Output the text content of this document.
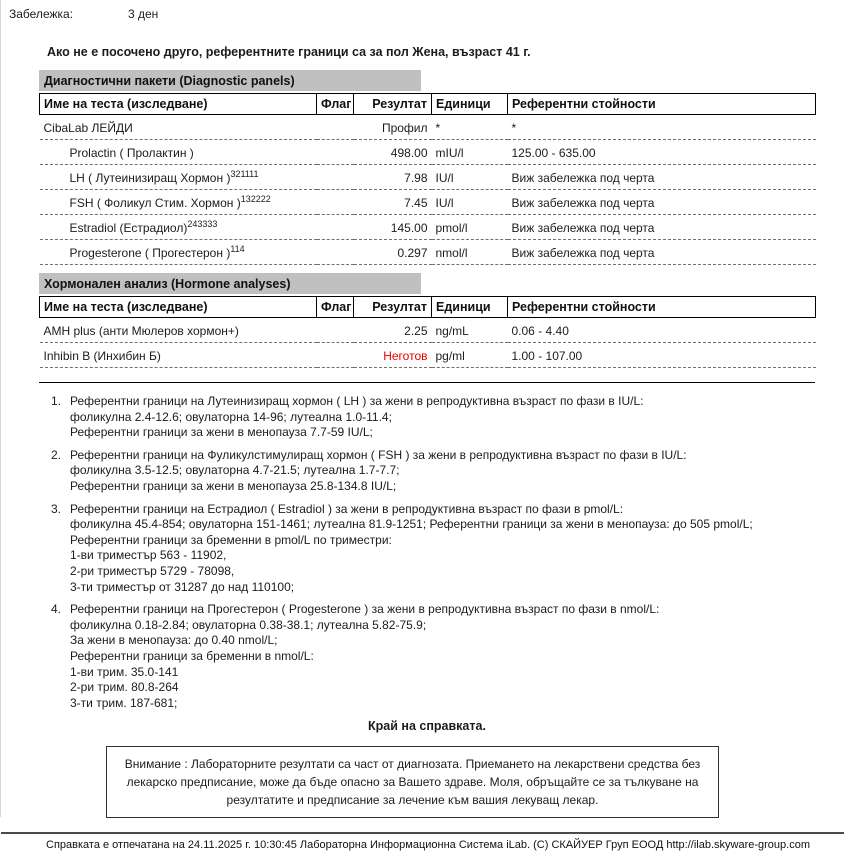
Забележка:	3 ден
Ако не е посочено друго, референтните граници са за пол Жена, възраст 41 г.
Диагностични пакети (Diagnostic panels)
Име на теста (изследване)	Флаг	Резултат	Единици	Референтни стойности
CibaLab ЛЕЙДИ		Профил	*	*
Prolactin ( Пролактин )		498.00	mIU/l	125.00 - 635.00
LH ( Лутеинизиращ Хормон )$^{321111}$		7.98	IU/l	Виж забележка под черта
FSH ( Фоликул Стим. Хормон )$^{132222}$		7.45	IU/l	Виж забележка под черта
Estradiol (Естрадиол)$^{243333}$		145.00	pmol/l	Виж забележка под черта
Progesterone ( Прогестерон )$^{114}$		0.297	nmol/l	Виж забележка под черта
Хормонален анализ (Hormone analyses)
Име на теста (изследване)	Флаг	Резултат	Единици	Референтни стойности
AMH plus (анти Мюлеров хормон+)		2.25	ng/mL	0.06 - 4.40
Inhibin B (Инхибин Б)		Неготов	pg/ml	1.00 - 107.00
1. Референтни граници на Лутеинизиращ хормон ( LH ) за жени в репродуктивна възраст по фази в IU/L:
фоликулна 2.4-12.6; овулаторна 14-96; лутеална 1.0-11.4;
Референтни граници за жени в менопауза 7.7-59 IU/L;
2. Референтни граници на Фуликулстимулиращ хормон ( FSH ) за жени в репродуктивна възраст по фази в IU/L:
фоликулна 3.5-12.5; овулаторна 4.7-21.5; лутеална 1.7-7.7;
Референтни граници за жени в менопауза 25.8-134.8 IU/L;
3. Референтни граници на Естрадиол ( Estradiol ) за жени в репродуктивна възраст по фази в pmol/L:
фоликулна 45.4-854; овулаторна 151-1461; лутеална 81.9-1251; Референтни граници за жени в менопауза: до 505 pmol/L;
Референтни граници за бременни в pmol/L по триместри:
1-ви триместър 563 - 11902,
2-ри триместър 5729 - 78098,
3-ти триместър от 31287 до над 110100;
4. Референтни граници на Прогестерон ( Progesterone ) за жени в репродуктивна възраст по фази в nmol/L:
фоликулна 0.18-2.84; овулаторна 0.38-38.1; лутеална 5.82-75.9;
За жени в менопауза: до 0.40 nmol/L;
Референтни граници за бременни в nmol/L:
1-ви трим. 35.0-141
2-ри трим. 80.8-264
3-ти трим. 187-681;
Край на справката.
Внимание : Лабораторните резултати са част от диагнозата. Приемането на лекарствени средства без лекарско предписание, може да бъде опасно за Вашето здраве. Моля, обръщайте се за тълкуване на резултатите и предписание за лечение към вашия лекуващ лекар.
Справката е отпечатана на 24.11.2025 г. 10:30:45 Лабораторна Информационна Система iLab. (C) СКАЙУЕР Груп ЕООД http://ilab.skyware-group.com
